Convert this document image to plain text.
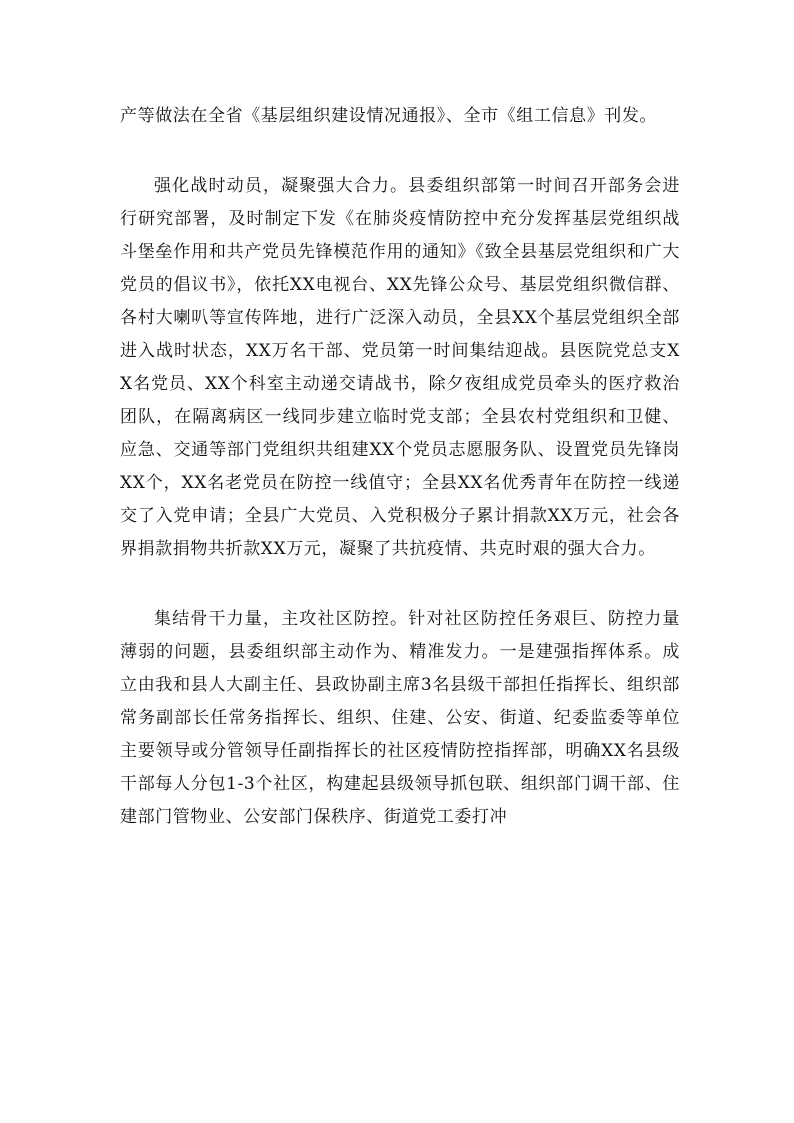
产等做法在全省《基层组织建设情况通报》、全市《组工信息》刊发。

强化战时动员，凝聚强大合力。县委组织部第一时间召开部务会进行研究部署，及时制定下发《在肺炎疫情防控中充分发挥基层党组织战斗堡垒作用和共产党员先锋模范作用的通知》《致全县基层党组织和广大党员的倡议书》，依托XX电视台、XX先锋公众号、基层党组织微信群、各村大喇叭等宣传阵地，进行广泛深入动员，全县XX个基层党组织全部进入战时状态，XX万名干部、党员第一时间集结迎战。县医院党总支XX名党员、XX个科室主动递交请战书，除夕夜组成党员牵头的医疗救治团队，在隔离病区一线同步建立临时党支部；全县农村党组织和卫健、应急、交通等部门党组织共组建XX个党员志愿服务队、设置党员先锋岗XX个，XX名老党员在防控一线值守；全县XX名优秀青年在防控一线递交了入党申请；全县广大党员、入党积极分子累计捐款XX万元，社会各界捐款捐物共折款XX万元，凝聚了共抗疫情、共克时艰的强大合力。

集结骨干力量，主攻社区防控。针对社区防控任务艰巨、防控力量薄弱的问题，县委组织部主动作为、精准发力。一是建强指挥体系。成立由我和县人大副主任、县政协副主席3名县级干部担任指挥长、组织部常务副部长任常务指挥长、组织、住建、公安、街道、纪委监委等单位主要领导或分管领导任副指挥长的社区疫情防控指挥部，明确XX名县级干部每人分包1-3个社区，构建起县级领导抓包联、组织部门调干部、住建部门管物业、公安部门保秩序、街道党工委打冲
